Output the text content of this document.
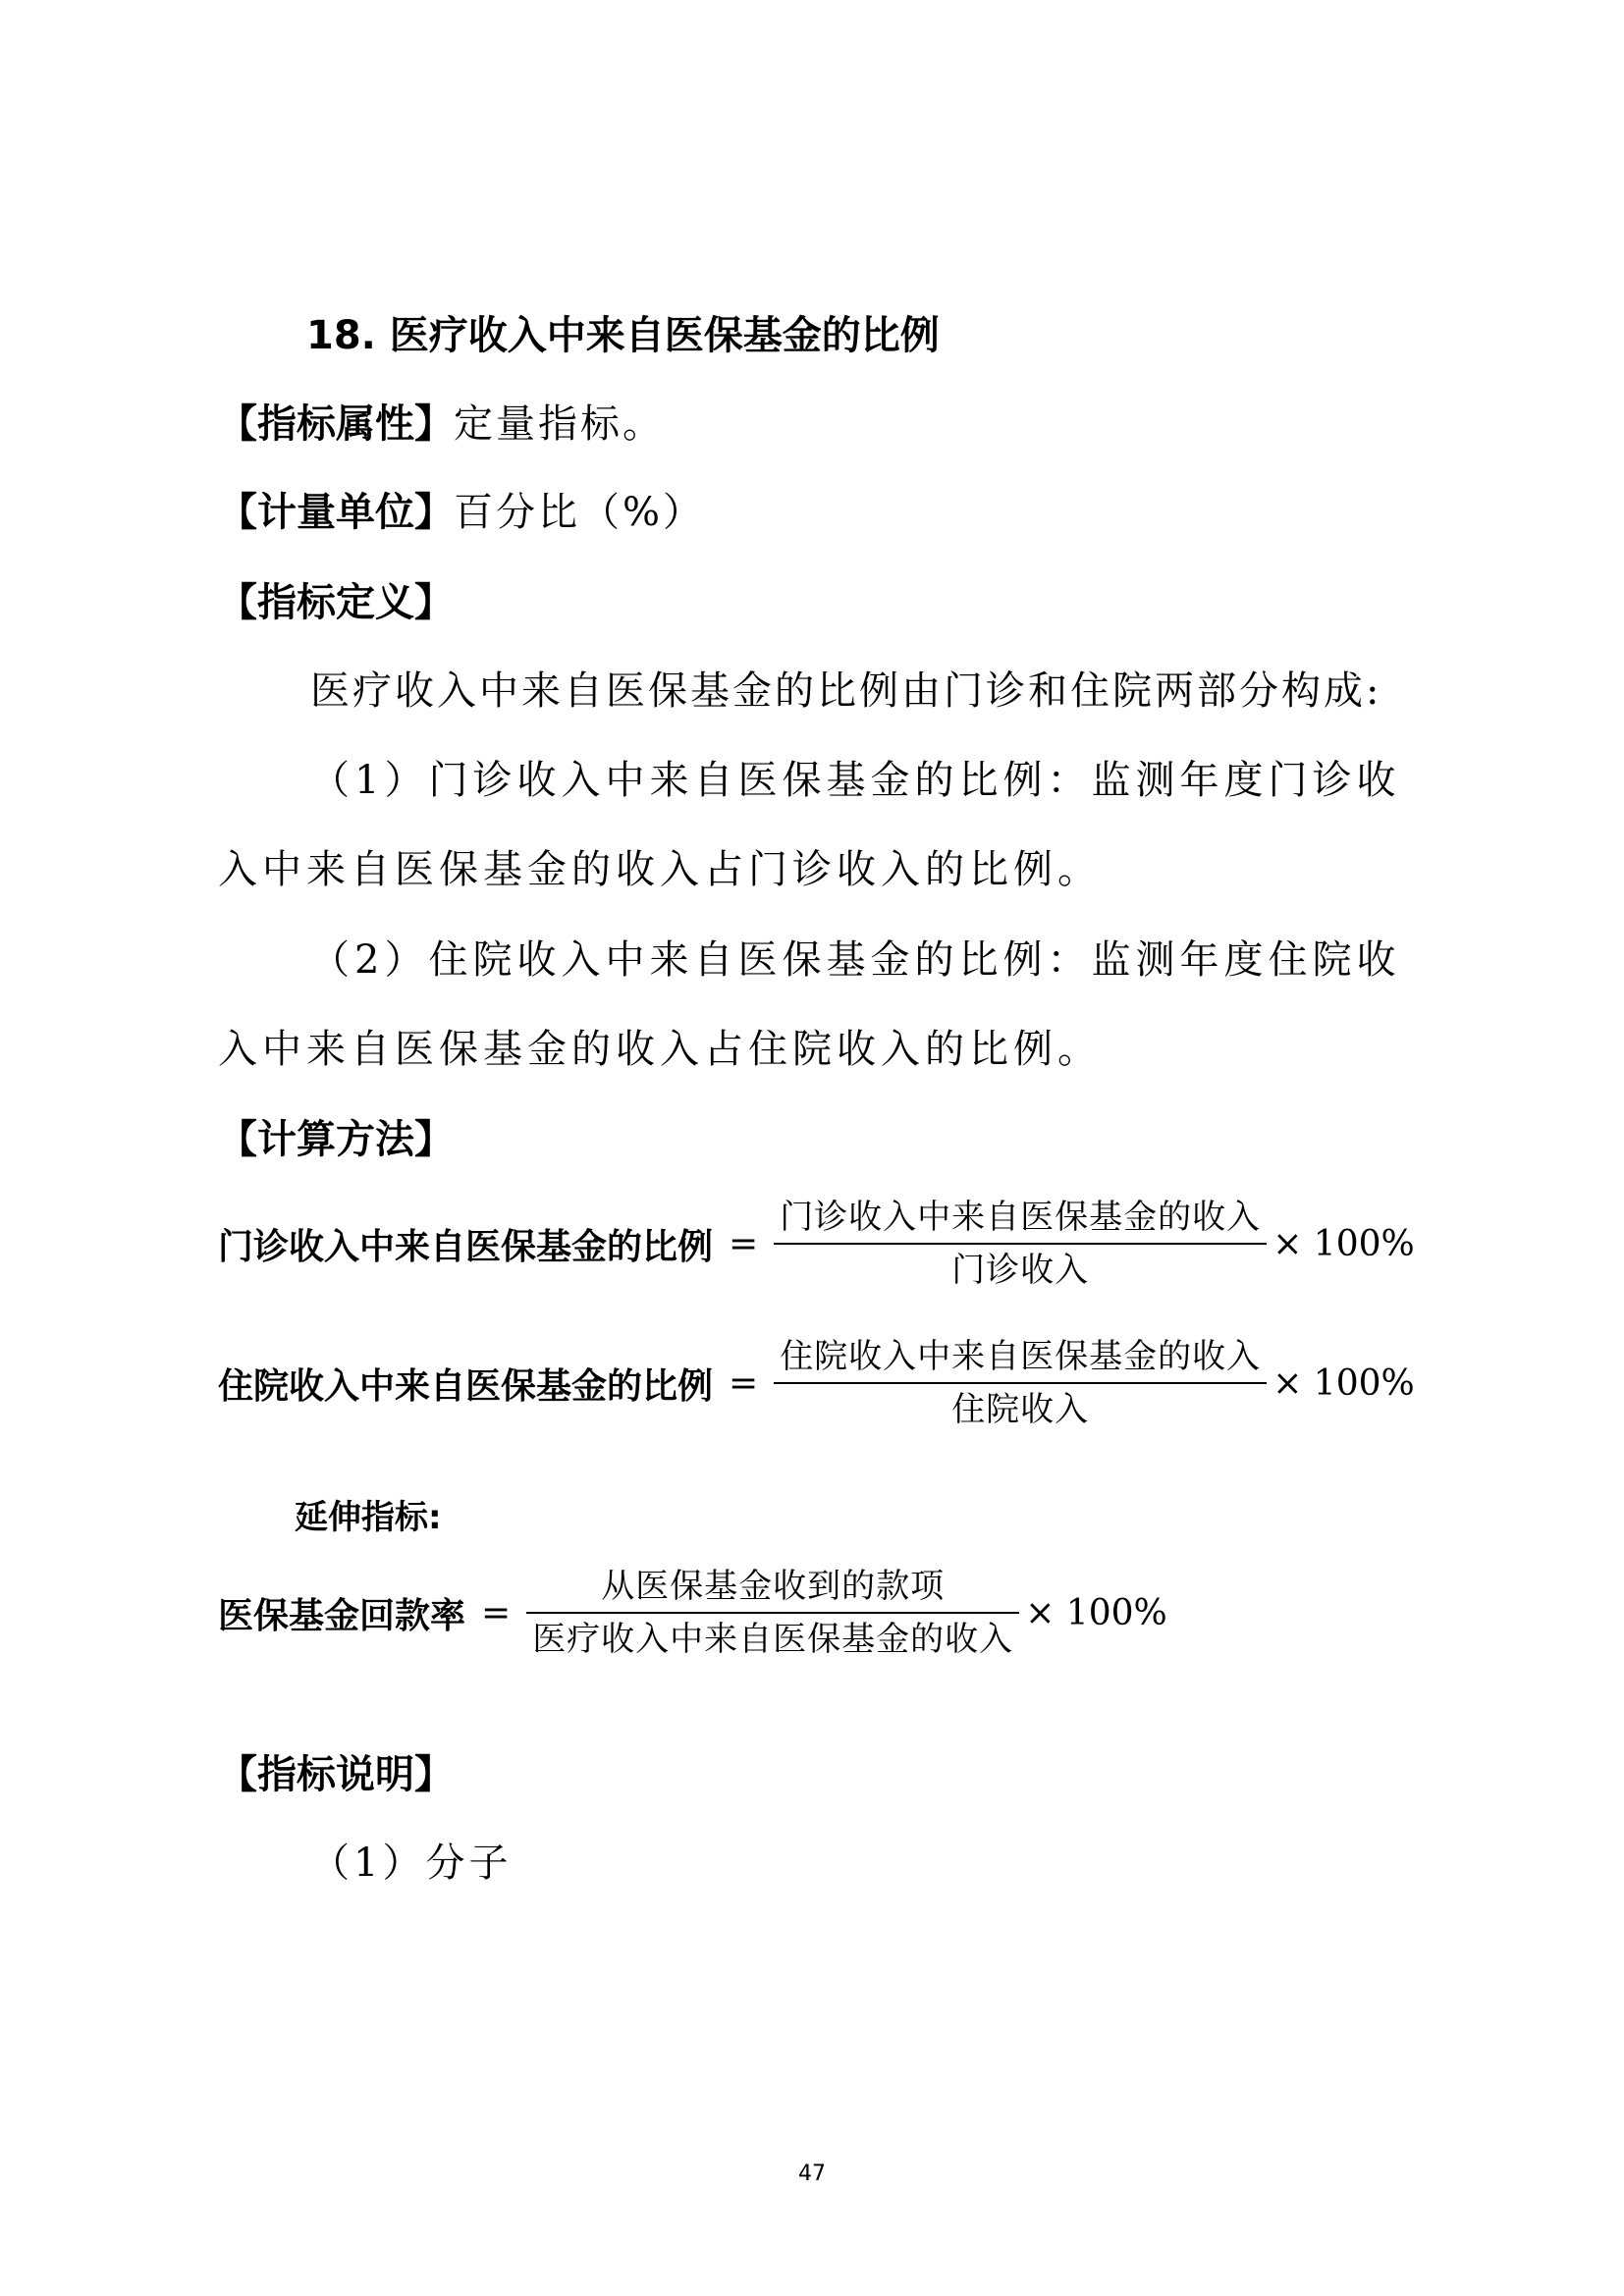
18. 医疗收入中来自医保基金的比例
【指标属性】定量指标。
【计量单位】百分比（%）
【指标定义】
医疗收入中来自医保基金的比例由门诊和住院两部分构成:
（1）门诊收入中来自医保基金的比例：监测年度门诊收
入中来自医保基金的收入占门诊收入的比例。
（2）住院收入中来自医保基金的比例：监测年度住院收
入中来自医保基金的收入占住院收入的比例。
【计算方法】
门诊收入中来自医保基金的比例 = $\frac{\text{门诊收入中来自医保基金的收入}}{\text{门诊收入}} \times 100\%$
住院收入中来自医保基金的比例 = $\frac{\text{住院收入中来自医保基金的收入}}{\text{住院收入}} \times 100\%$
延伸指标:
医保基金回款率 = $\frac{\text{从医保基金收到的款项}}{\text{医疗收入中来自医保基金的收入}} \times 100\%$
【指标说明】
（1）分子
47
